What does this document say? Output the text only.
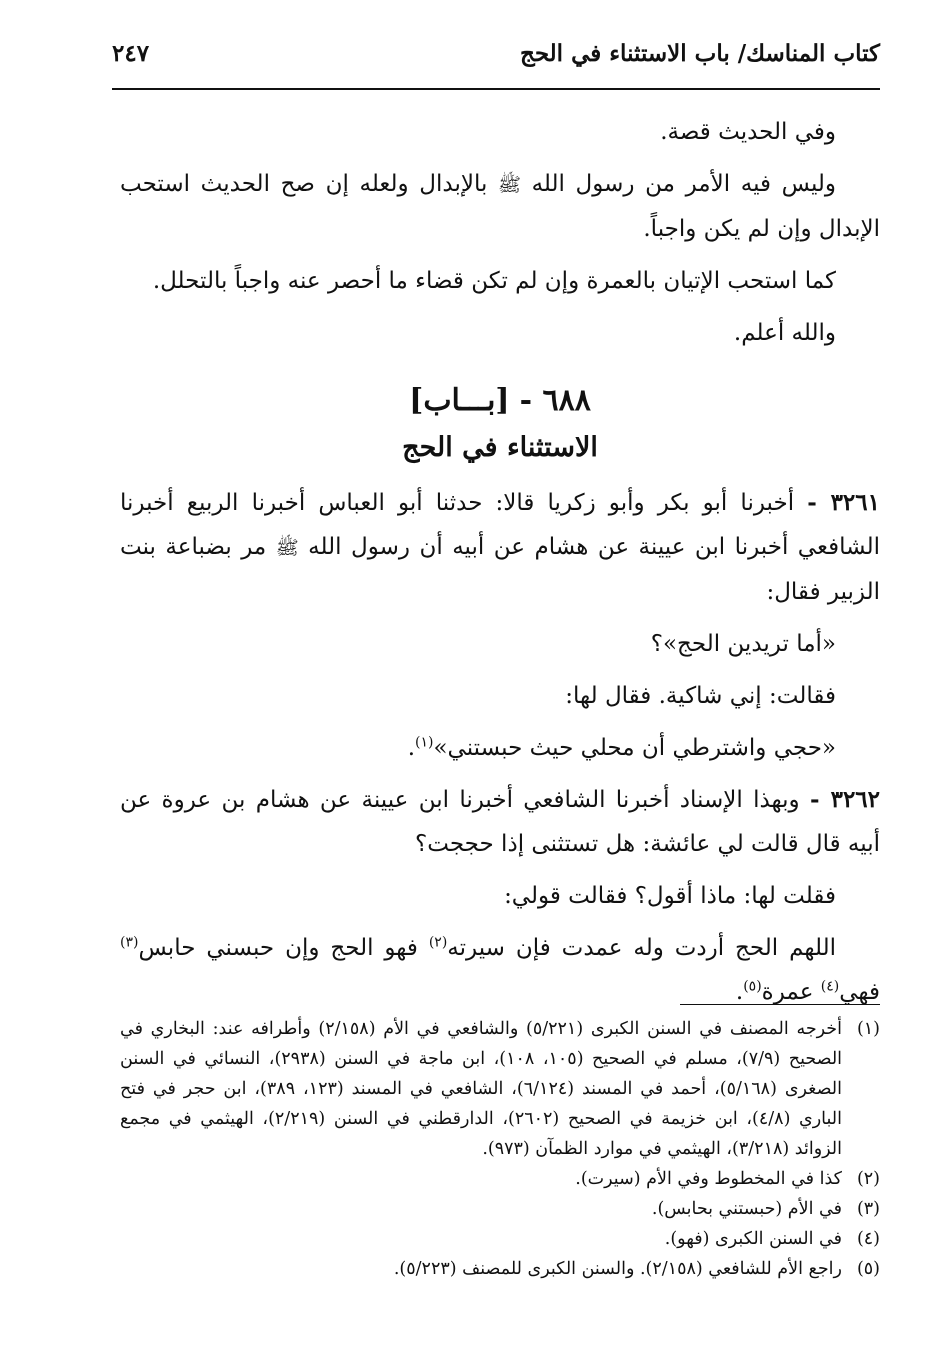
كتاب المناسك/ باب الاستثناء في الحج
٢٤٧

وفي الحديث قصة.

وليس فيه الأمر من رسول الله ﷺ بالإبدال ولعله إن صح الحديث استحب الإبدال وإن لم يكن واجباً.

كما استحب الإتيان بالعمرة وإن لم تكن قضاء ما أحصر عنه واجباً بالتحلل.

والله أعلم.

٦٨٨ -[بـــاب]
الاستثناء في الحج

٣٢٦١ - أخبرنا أبو بكر وأبو زكريا قالا: حدثنا أبو العباس أخبرنا الربيع أخبرنا الشافعي أخبرنا ابن عيينة عن هشام عن أبيه أن رسول الله ﷺ مر بضباعة بنت الزبير فقال:

«أما تريدين الحج»؟

فقالت: إني شاكية. فقال لها:

«حجي واشترطي أن محلي حيث حبستني»$^{(١)}$.

٣٢٦٢ - وبهذا الإسناد أخبرنا الشافعي أخبرنا ابن عيينة عن هشام بن عروة عن أبيه قال قالت لي عائشة: هل تستثنى إذا حججت؟

فقلت لها: ماذا أقول؟ فقالت قولي:

اللهم الحج أردت وله عمدت فإن سيرته$^{(٢)}$ فهو الحج وإن حبسني حابس$^{(٣)}$ فهي$^{(٤)}$ عمرة$^{(٥)}$.

(١)
أخرجه المصنف في السنن الكبرى (٥/٢٢١) والشافعي في الأم (٢/١٥٨) وأطرافه عند: البخاري في الصحيح (٧/٩)، مسلم في الصحيح (١٠٥، ١٠٨)، ابن ماجة في السنن (٢٩٣٨)، النسائي في السنن الصغرى (٥/١٦٨)، أحمد في المسند (٦/١٢٤)، الشافعي في المسند (١٢٣، ٣٨٩)، ابن حجر في فتح الباري (٤/٨)، ابن خزيمة في الصحيح (٢٦٠٢)، الدارقطني في السنن (٢/٢١٩)، الهيثمي في مجمع الزوائد (٣/٢١٨)، الهيثمي في موارد الظمآن (٩٧٣).
(٢)
كذا في المخطوط وفي الأم (سيرت).
(٣)
في الأم (حبستني بحابس).
(٤)
في السنن الكبرى (فهو).
(٥)
راجع الأم للشافعي (٢/١٥٨). والسنن الكبرى للمصنف (٥/٢٢٣).
